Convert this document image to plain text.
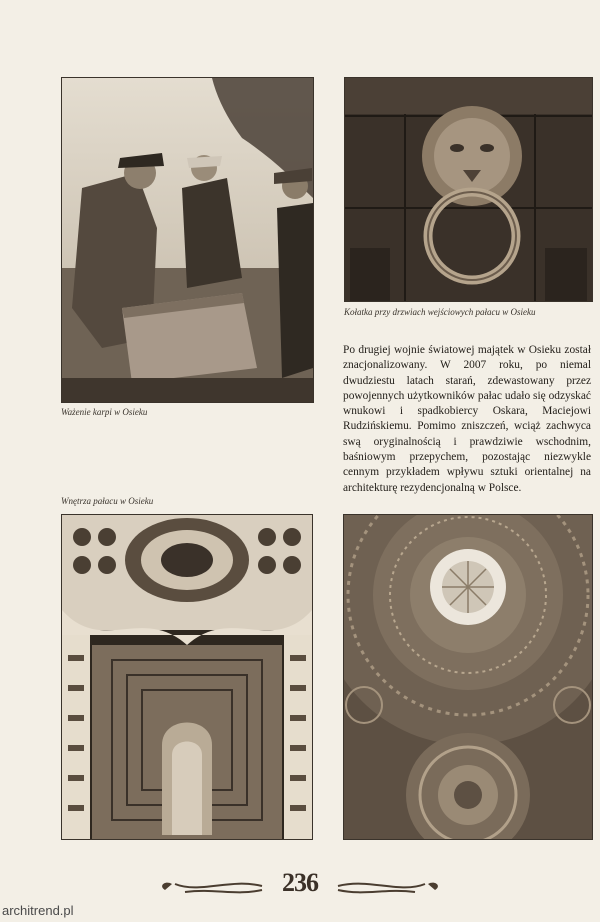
Ważenie karpi w Osieku
Kołatka przy drzwiach wejściowych pałacu w Osieku
Po drugiej wojnie światowej majątek w Osieku został znacjonalizowany. W 2007 roku, po niemal dwudziestu latach starań, zdewastowany przez powojennych użytkowników pałac udało się odzyskać wnukowi i spadkobiercy Oskara, Maciejowi Rudzińskiemu. Pomimo zniszczeń, wciąż zachwyca swą oryginalnością i prawdziwie wschodnim, baśniowym przepychem, pozostając niezwykle cennym przykładem wpływu sztuki orientalnej na architekturę rezydencjonalną w Polsce.
Wnętrza pałacu w Osieku
236
architrend.pl
